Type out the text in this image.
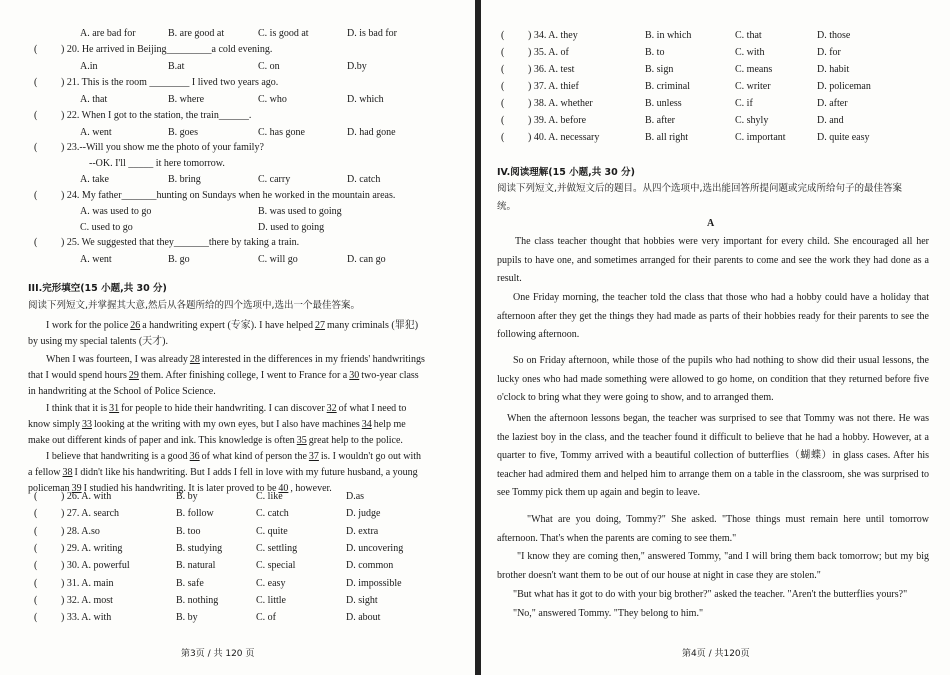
A. are bad for	B. are good at	C. is good at	D. is bad for
( ) 20. He arrived in Beijing_________a cold evening.
A.in	B.at	C. on	D.by
( ) 21. This is the room ________ I lived two years ago.
A. that	B. where	C. who	D. which
( ) 22. When I got to the station, the train______.
A. went	B. goes	C. has gone	D. had gone
( ) 23.--Will you show me the photo of your family?
--OK. I'll _____ it here tomorrow.
A. take	B. bring	C. carry	D. catch
( ) 24. My father_______hunting on Sundays when he worked in the mountain areas.
A. was used to go	B. was used to going
C. used to go	D. used to going
( ) 25. We suggested that they_______there by taking a train.
A. went	B. go	C. will go	D. can go
III.完形填空(15 小题,共 30 分)
阅读下列短文,并掌握其大意,然后从各题所给的四个选项中,选出一个最佳答案。
I work for the police 26 a handwriting expert (专家). I have helped 27 many criminals (罪犯)
by using my special talents (天才).
When I was fourteen, I was already 28 interested in the differences in my friends' handwritings
that I would spend hours 29 them. After finishing college, I went to France for a 30 two-year class
in handwriting at the School of Police Science.
I think that it is 31 for people to hide their handwriting. I can discover 32 of what I need to
know simply 33 looking at the writing with my own eyes, but I also have machines 34 help me
make out different kinds of paper and ink. This knowledge is often 35 great help to the police.
I believe that handwriting is a good 36 of what kind of person the 37 is. I wouldn't go out with
a fellow 38 I didn't like his handwriting. But I adds I fell in love with my future husband, a young
policeman 39 I studied his handwriting. It is later proved to be 40 , however.
( ) 26. A. with	B. by	C. like	D.as
( ) 27. A. search	B. follow	C. catch	D. judge
( ) 28. A.so	B. too	C. quite	D. extra
( ) 29. A. writing	B. studying	C. settling	D. uncovering
( ) 30. A. powerful	B. natural	C. special	D. common
( ) 31. A. main	B. safe	C. easy	D. impossible
( ) 32. A. most	B. nothing	C. little	D. sight
( ) 33. A. with	B. by	C. of	D. about
第3页 / 共 120 页
( ) 34. A. they	B. in which	C. that	D. those
( ) 35. A. of	B. to	C. with	D. for
( ) 36. A. test	B. sign	C. means	D. habit
( ) 37. A. thief	B. criminal	C. writer	D. policeman
( ) 38. A. whether	B. unless	C. if	D. after
( ) 39. A. before	B. after	C. shyly	D. and
( ) 40. A. necessary	B. all right	C. important	D. quite easy
IV.阅读理解(15 小题,共 30 分)
阅读下列短文,并做短文后的题目。从四个选项中,选出能回答所提问题或完成所给句子的最佳答案
统。
A
The class teacher thought that hobbies were very important for every child. She encouraged all her pupils to have one, and sometimes arranged for their parents to come and see the work they had done as a result.
One Friday morning, the teacher told the class that those who had a hobby could have a holiday that afternoon after they get the things they had made as parts of their hobbies ready for their parents to see the following afternoon.
So on Friday afternoon, while those of the pupils who had nothing to show did their usual lessons, the lucky ones who had made something were allowed to go home, on condition that they returned before five o'clock to bring what they were going to show, and to arranged them.
When the afternoon lessons began, the teacher was surprised to see that Tommy was not there. He was the laziest boy in the class, and the teacher found it difficult to believe that he had a hobby. However, at a quarter to five, Tommy arrived with a beautiful collection of butterflies（蝴蝶）in glass cases. After his teacher had admired them and helped him to arrange them on a table in the classroom, she was surprised to see Tommy pick them up again and begin to leave.
"What are you doing, Tommy?" She asked. "Those things must remain here until tomorrow afternoon. That's when the parents are coming to see them."
"I know they are coming then," answered Tommy, "and I will bring them back tomorrow; but my big brother doesn't want them to be out of our house at night in case they are stolen."
"But what has it got to do with your big brother?" asked the teacher. "Aren't the butterflies yours?"
"No," answered Tommy. "They belong to him."
第4页 / 共120页
